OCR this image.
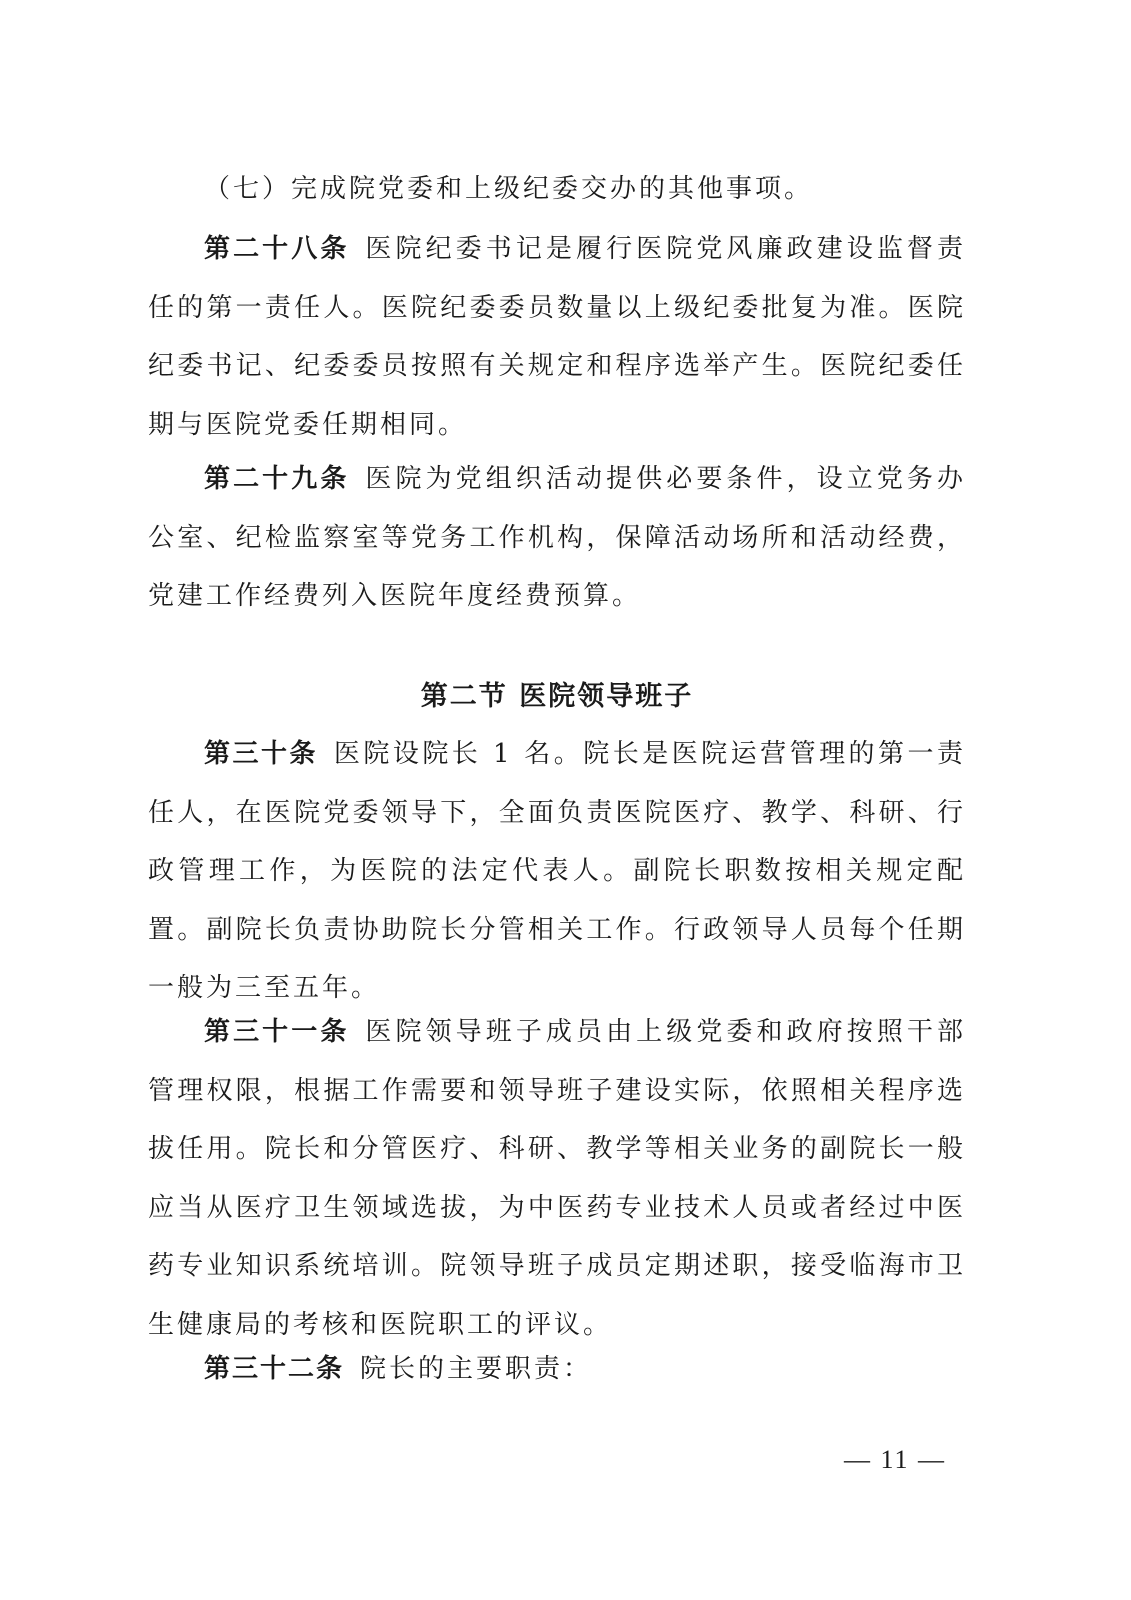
（七）完成院党委和上级纪委交办的其他事项。

第二十八条 医院纪委书记是履行医院党风廉政建设监督责任的第一责任人。医院纪委委员数量以上级纪委批复为准。医院纪委书记、纪委委员按照有关规定和程序选举产生。医院纪委任期与医院党委任期相同。

第二十九条 医院为党组织活动提供必要条件，设立党务办公室、纪检监察室等党务工作机构，保障活动场所和活动经费，党建工作经费列入医院年度经费预算。

第二节 医院领导班子

第三十条 医院设院长 1 名。院长是医院运营管理的第一责任人，在医院党委领导下，全面负责医院医疗、教学、科研、行政管理工作，为医院的法定代表人。副院长职数按相关规定配置。副院长负责协助院长分管相关工作。行政领导人员每个任期一般为三至五年。

第三十一条 医院领导班子成员由上级党委和政府按照干部管理权限，根据工作需要和领导班子建设实际，依照相关程序选拔任用。院长和分管医疗、科研、教学等相关业务的副院长一般应当从医疗卫生领域选拔，为中医药专业技术人员或者经过中医药专业知识系统培训。院领导班子成员定期述职，接受临海市卫生健康局的考核和医院职工的评议。

第三十二条 院长的主要职责：

— 11 —
